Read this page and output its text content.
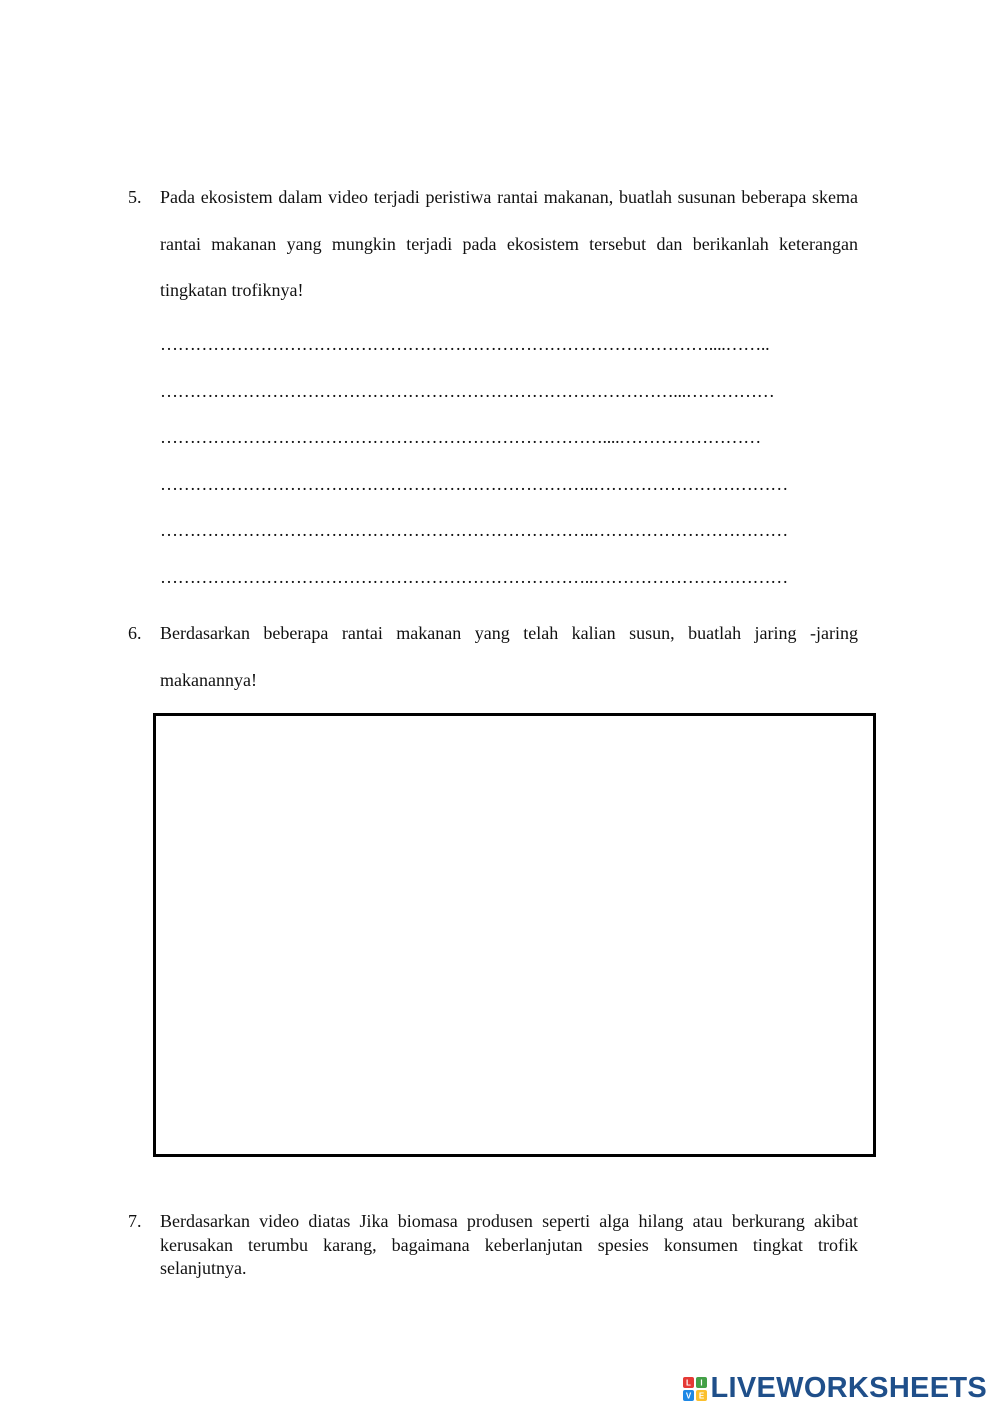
5. Pada ekosistem dalam video terjadi peristiwa rantai makanan, buatlah susunan beberapa skema rantai makanan yang mungkin terjadi pada ekosistem tersebut dan berikanlah keterangan tingkatan trofiknya!
…………………………………………………………………………………....……..
……………………………………………………………………………...……………
…………………………………………………………………....……………………
………………………………………………………………..……………………………
………………………………………………………………..……………………………
………………………………………………………………..……………………………
6. Berdasarkan beberapa rantai makanan yang telah kalian susun, buatlah jaring -jaring makanannya!
7. Berdasarkan video diatas Jika biomasa produsen seperti alga hilang atau berkurang akibat kerusakan terumbu karang, bagaimana keberlanjutan spesies konsumen tingkat trofik selanjutnya.
L I
V E LIVEWORKSHEETS
